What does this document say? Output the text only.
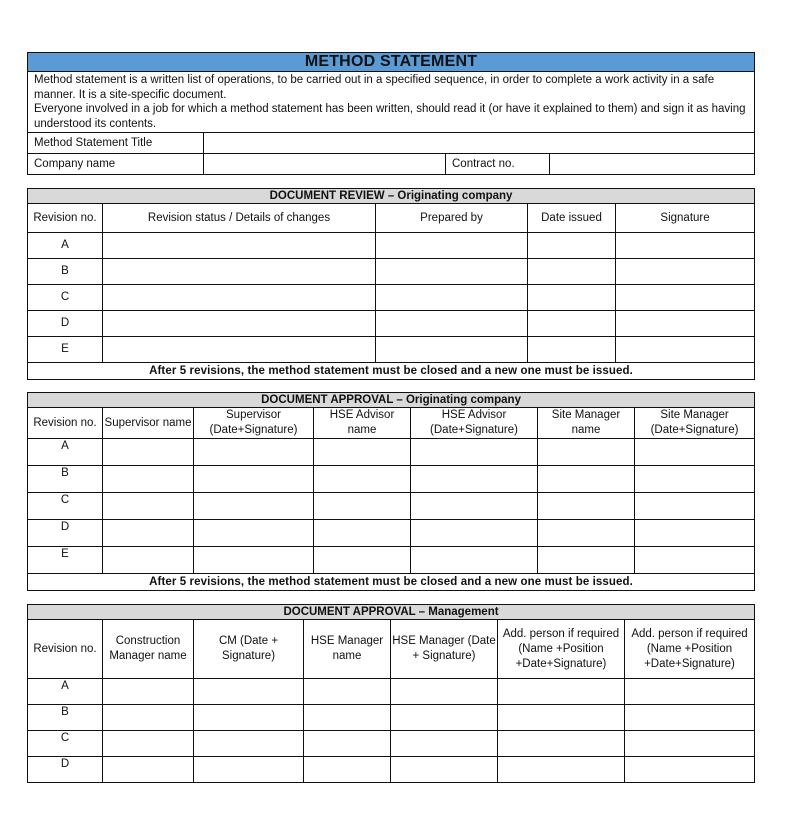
METHOD STATEMENT			

Method statement is a written list of operations, to be carried out in a specified sequence, in order to complete a work activity in a safe manner. It is a site-specific document.
Everyone involved in a job for which a method statement has been written, should read it (or have it explained to them) and sign it as having understood its contents.			

Method Statement Title			
Company name		Contract no.	
DOCUMENT REVIEW – Originating company				
Revision no.	Revision status / Details of changes	Prepared by	Date issued	Signature
A				
B				
C				
D				
E				
After 5 revisions, the method statement must be closed and a new one must be issued.				
DOCUMENT APPROVAL – Originating company						
Revision no.	Supervisor name	Supervisor (Date+Signature)	HSE Advisor name	HSE Advisor (Date+Signature)	Site Manager name	Site Manager (Date+Signature)
A						
B						
C						
D						
E						
After 5 revisions, the method statement must be closed and a new one must be issued.						
DOCUMENT APPROVAL – Management						
Revision no.	Construction Manager name	CM (Date + Signature)	HSE Manager name	HSE Manager (Date + Signature)	Add. person if required (Name +Position +Date+Signature)	Add. person if required (Name +Position +Date+Signature)
A						
B						
C						
D						
